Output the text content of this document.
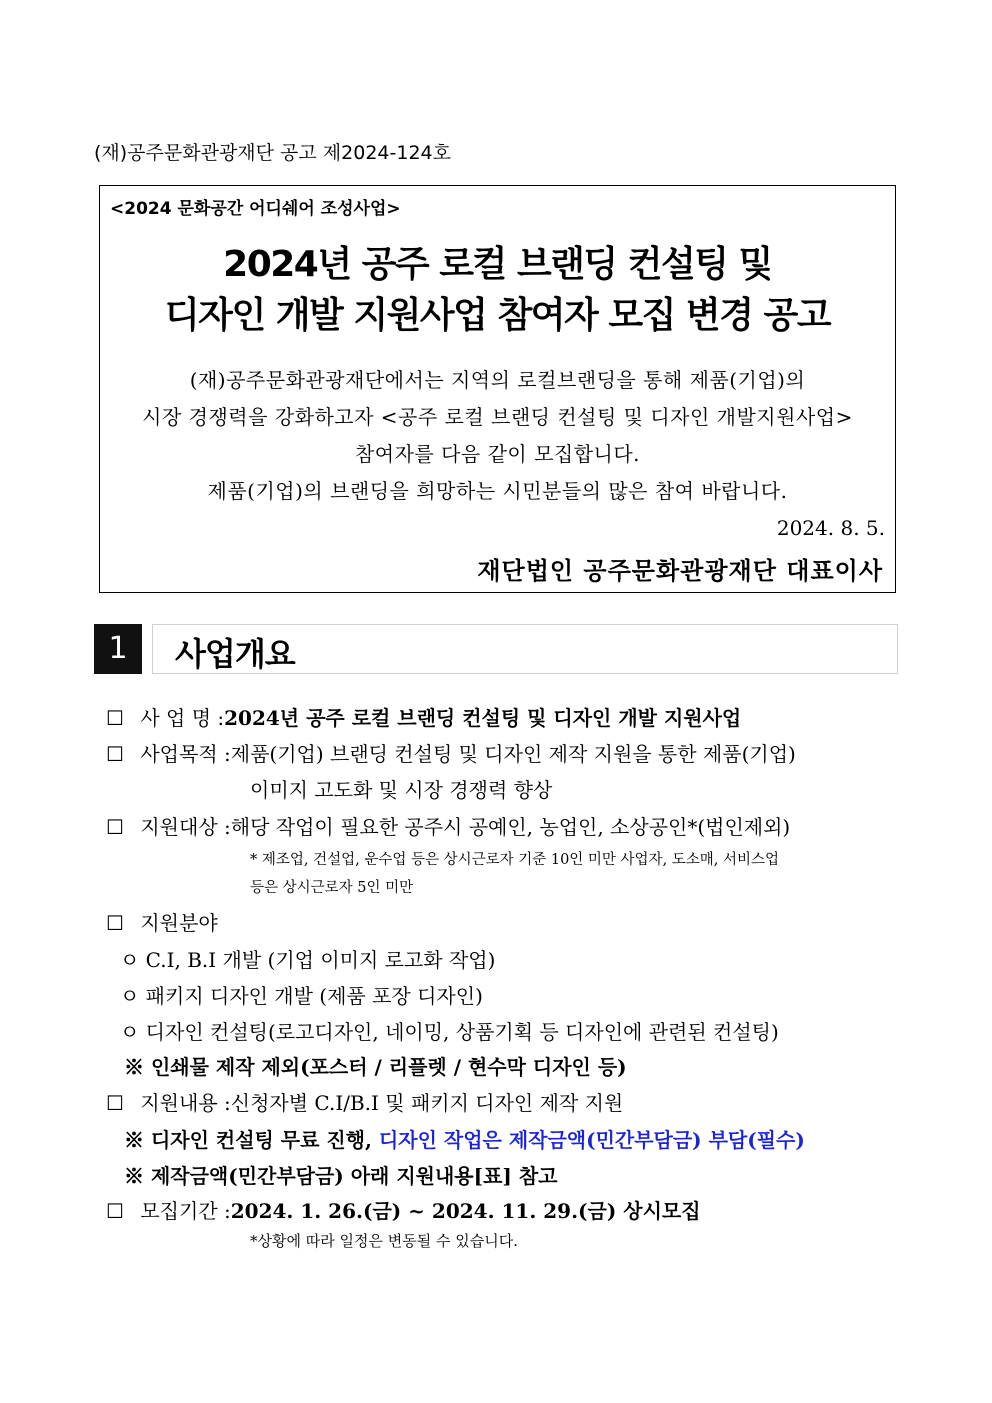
(재)공주문화관광재단 공고 제2024-124호
<2024 문화공간 어디쉐어 조성사업>
2024년 공주 로컬 브랜딩 컨설팅 및
디자인 개발 지원사업 참여자 모집 변경 공고
(재)공주문화관광재단에서는 지역의 로컬브랜딩을 통해 제품(기업)의
시장 경쟁력을 강화하고자 <공주 로컬 브랜딩 컨설팅 및 디자인 개발지원사업>
참여자를 다음 같이 모집합니다.
제품(기업)의 브랜딩을 희망하는 시민분들의 많은 참여 바랍니다.
2024. 8. 5.
재단법인 공주문화관광재단 대표이사
1	사업개요
☐ 사 업 명 :2024년 공주 로컬 브랜딩 컨설팅 및 디자인 개발 지원사업
☐ 사업목적 :제품(기업) 브랜딩 컨설팅 및 디자인 제작 지원을 통한 제품(기업)
이미지 고도화 및 시장 경쟁력 향상
☐ 지원대상 :해당 작업이 필요한 공주시 공예인, 농업인, 소상공인*(법인제외)
* 제조업, 건설업, 운수업 등은 상시근로자 기준 10인 미만 사업자, 도소매, 서비스업
등은 상시근로자 5인 미만
☐ 지원분야
ㅇ C.I, B.I 개발 (기업 이미지 로고화 작업)
ㅇ 패키지 디자인 개발 (제품 포장 디자인)
ㅇ 디자인 컨설팅(로고디자인, 네이밍, 상품기획 등 디자인에 관련된 컨설팅)
※ 인쇄물 제작 제외(포스터 / 리플렛 / 현수막 디자인 등)
☐ 지원내용 :신청자별 C.I/B.I 및 패키지 디자인 제작 지원
※ 디자인 컨설팅 무료 진행, 디자인 작업은 제작금액(민간부담금) 부담(필수)
※ 제작금액(민간부담금) 아래 지원내용[표] 참고
☐ 모집기간 :2024. 1. 26.(금) ~ 2024. 11. 29.(금) 상시모집
*상황에 따라 일정은 변동될 수 있습니다.
